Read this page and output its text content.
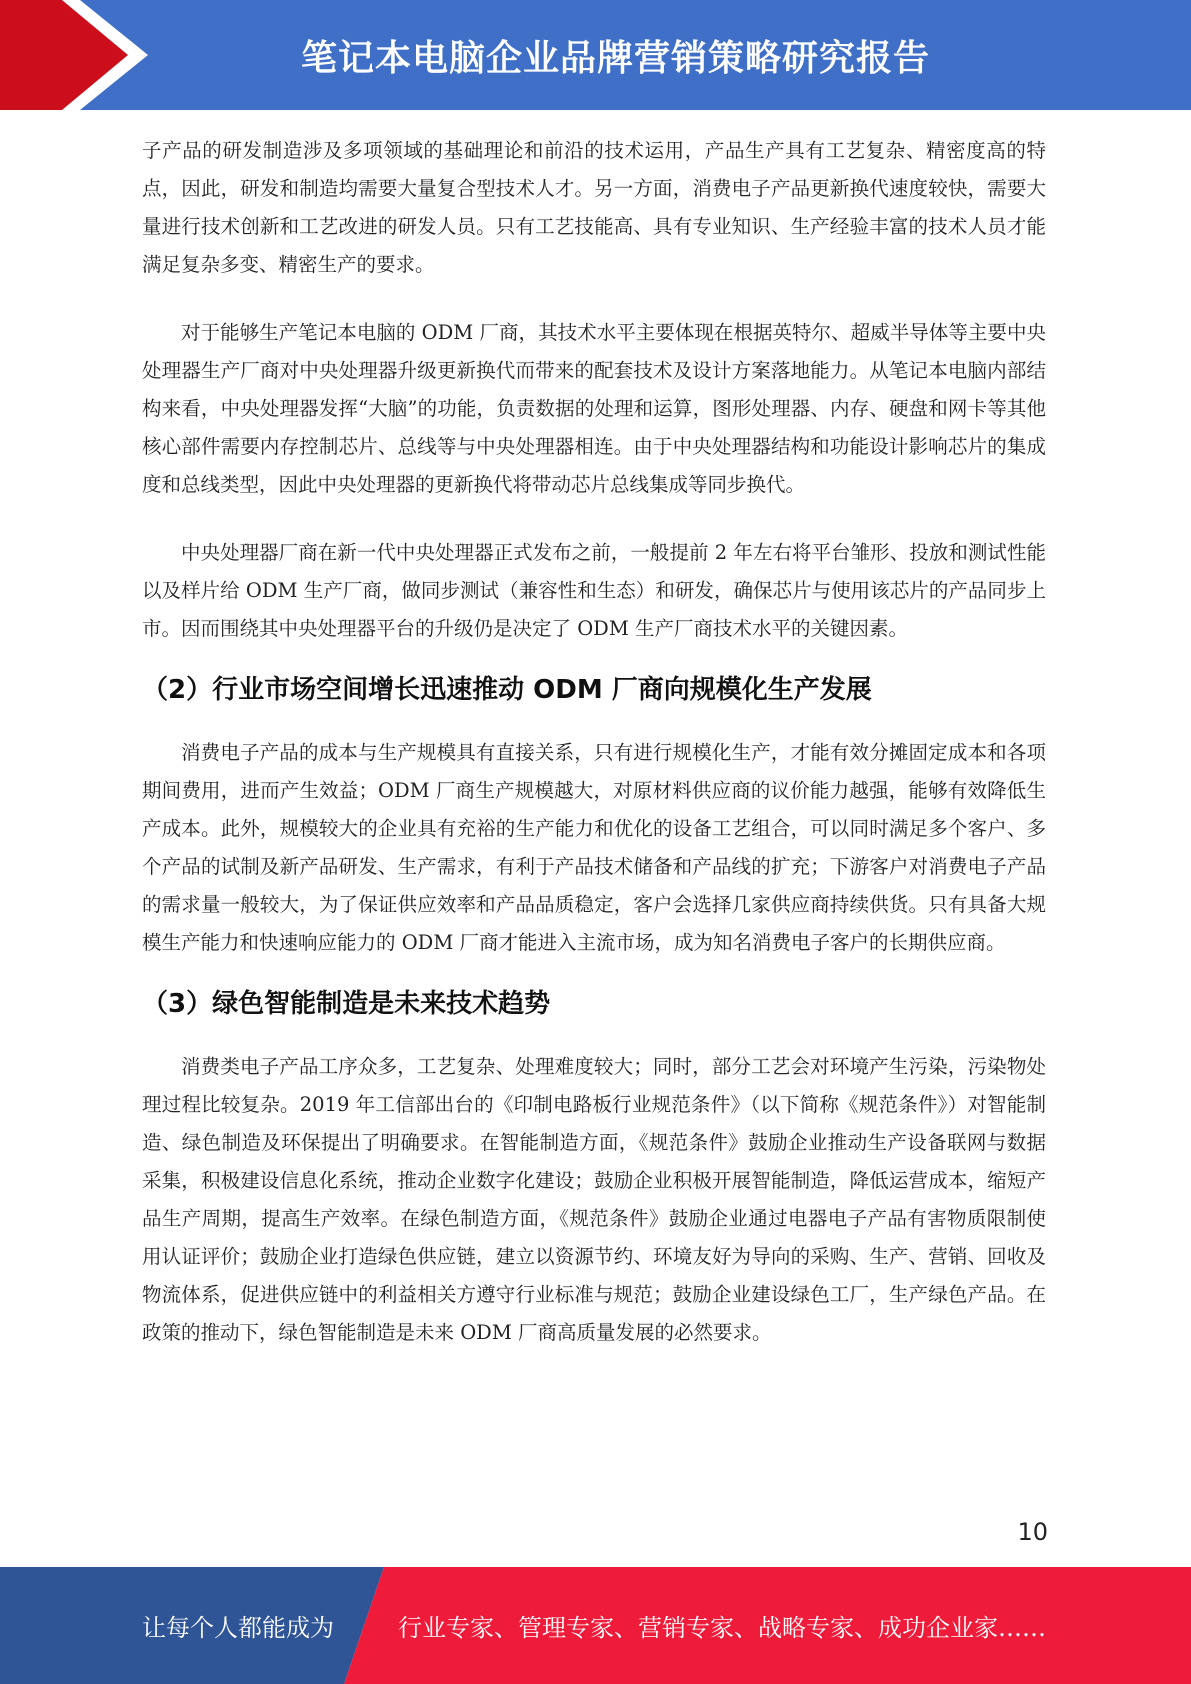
笔记本电脑企业品牌营销策略研究报告

子产品的研发制造涉及多项领域的基础理论和前沿的技术运用，产品生产具有工艺复杂、精密度高的特点，因此，研发和制造均需要大量复合型技术人才。另一方面，消费电子产品更新换代速度较快，需要大量进行技术创新和工艺改进的研发人员。只有工艺技能高、具有专业知识、生产经验丰富的技术人员才能满足复杂多变、精密生产的要求。

对于能够生产笔记本电脑的 ODM 厂商，其技术水平主要体现在根据英特尔、超威半导体等主要中央处理器生产厂商对中央处理器升级更新换代而带来的配套技术及设计方案落地能力。从笔记本电脑内部结构来看，中央处理器发挥“大脑”的功能，负责数据的处理和运算，图形处理器、内存、硬盘和网卡等其他核心部件需要内存控制芯片、总线等与中央处理器相连。由于中央处理器结构和功能设计影响芯片的集成度和总线类型，因此中央处理器的更新换代将带动芯片总线集成等同步换代。

中央处理器厂商在新一代中央处理器正式发布之前，一般提前 2 年左右将平台雏形、投放和测试性能以及样片给 ODM 生产厂商，做同步测试（兼容性和生态）和研发，确保芯片与使用该芯片的产品同步上市。因而围绕其中央处理器平台的升级仍是决定了 ODM 生产厂商技术水平的关键因素。

（2）行业市场空间增长迅速推动 ODM 厂商向规模化生产发展

消费电子产品的成本与生产规模具有直接关系，只有进行规模化生产，才能有效分摊固定成本和各项期间费用，进而产生效益；ODM 厂商生产规模越大，对原材料供应商的议价能力越强，能够有效降低生产成本。此外，规模较大的企业具有充裕的生产能力和优化的设备工艺组合，可以同时满足多个客户、多个产品的试制及新产品研发、生产需求，有利于产品技术储备和产品线的扩充；下游客户对消费电子产品的需求量一般较大，为了保证供应效率和产品品质稳定，客户会选择几家供应商持续供货。只有具备大规模生产能力和快速响应能力的 ODM 厂商才能进入主流市场，成为知名消费电子客户的长期供应商。

（3）绿色智能制造是未来技术趋势

消费类电子产品工序众多，工艺复杂、处理难度较大；同时，部分工艺会对环境产生污染，污染物处理过程比较复杂。2019 年工信部出台的《印制电路板行业规范条件》（以下简称《规范条件》）对智能制造、绿色制造及环保提出了明确要求。在智能制造方面，《规范条件》鼓励企业推动生产设备联网与数据采集，积极建设信息化系统，推动企业数字化建设；鼓励企业积极开展智能制造，降低运营成本，缩短产品生产周期，提高生产效率。在绿色制造方面，《规范条件》鼓励企业通过电器电子产品有害物质限制使用认证评价；鼓励企业打造绿色供应链，建立以资源节约、环境友好为导向的采购、生产、营销、回收及物流体系，促进供应链中的利益相关方遵守行业标准与规范；鼓励企业建设绿色工厂，生产绿色产品。在政策的推动下，绿色智能制造是未来 ODM 厂商高质量发展的必然要求。

10
让每个人都能成为	行业专家、管理专家、营销专家、战略专家、成功企业家……
